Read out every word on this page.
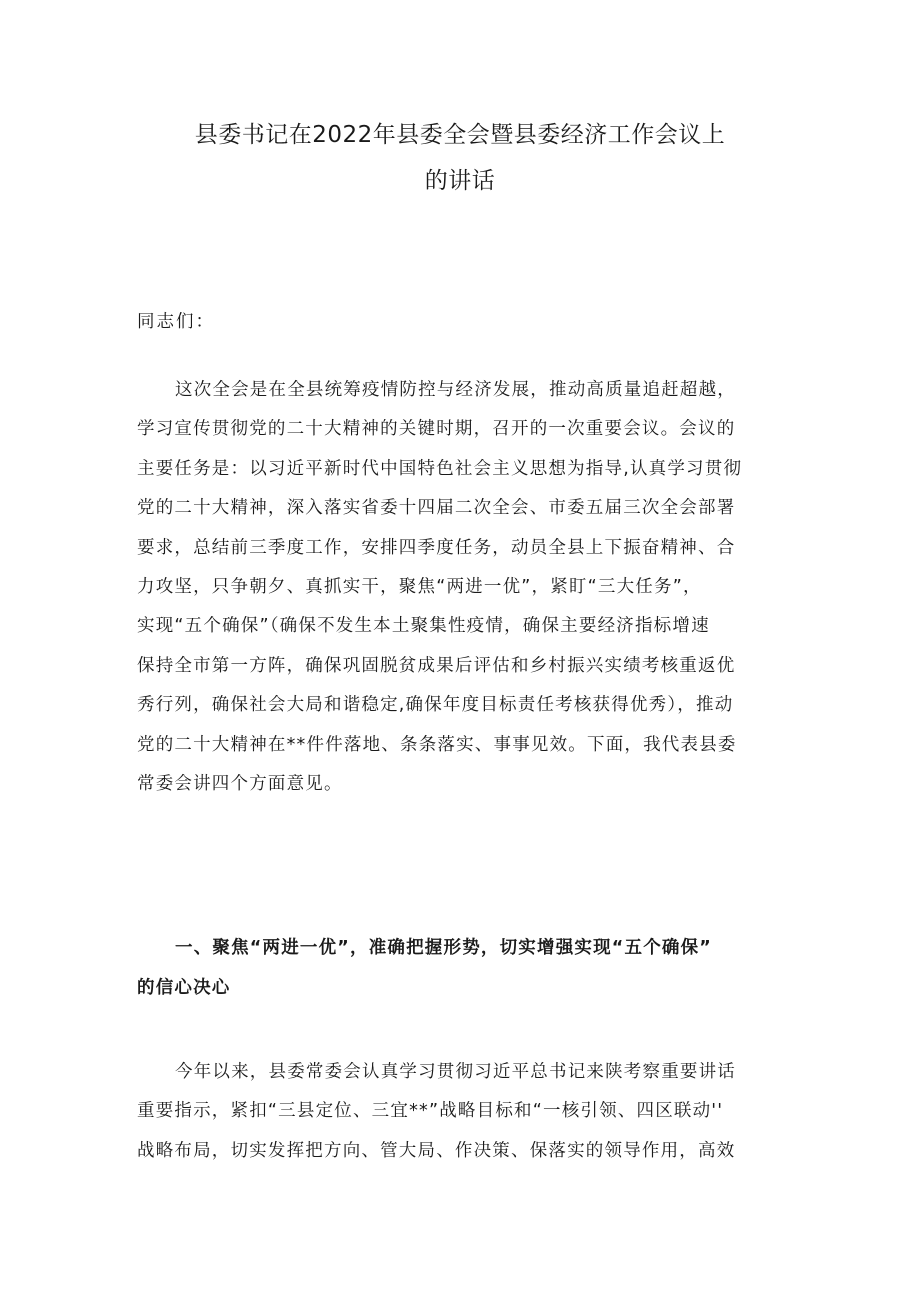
县委书记在2022年县委全会暨县委经济工作会议上
的讲话

同志们：

这次全会是在全县统筹疫情防控与经济发展，推动高质量追赶超越，
学习宣传贯彻党的二十大精神的关键时期，召开的一次重要会议。会议的
主要任务是：以习近平新时代中国特色社会主义思想为指导,认真学习贯彻
党的二十大精神，深入落实省委十四届二次全会、市委五届三次全会部署
要求，总结前三季度工作，安排四季度任务，动员全县上下振奋精神、合
力攻坚，只争朝夕、真抓实干，聚焦“两进一优”，紧盯“三大任务”，
实现“五个确保”（确保不发生本土聚集性疫情，确保主要经济指标增速
保持全市第一方阵，确保巩固脱贫成果后评估和乡村振兴实绩考核重返优
秀行列，确保社会大局和谐稳定,确保年度目标责任考核获得优秀），推动
党的二十大精神在**件件落地、条条落实、事事见效。下面，我代表县委
常委会讲四个方面意见。
一、聚焦“两进一优”，准确把握形势，切实增强实现“五个确保”
的信心决心
今年以来，县委常委会认真学习贯彻习近平总书记来陕考察重要讲话
重要指示，紧扣“三县定位、三宜**”战略目标和“一核引领、四区联动''
战略布局，切实发挥把方向、管大局、作决策、保落实的领导作用，高效
